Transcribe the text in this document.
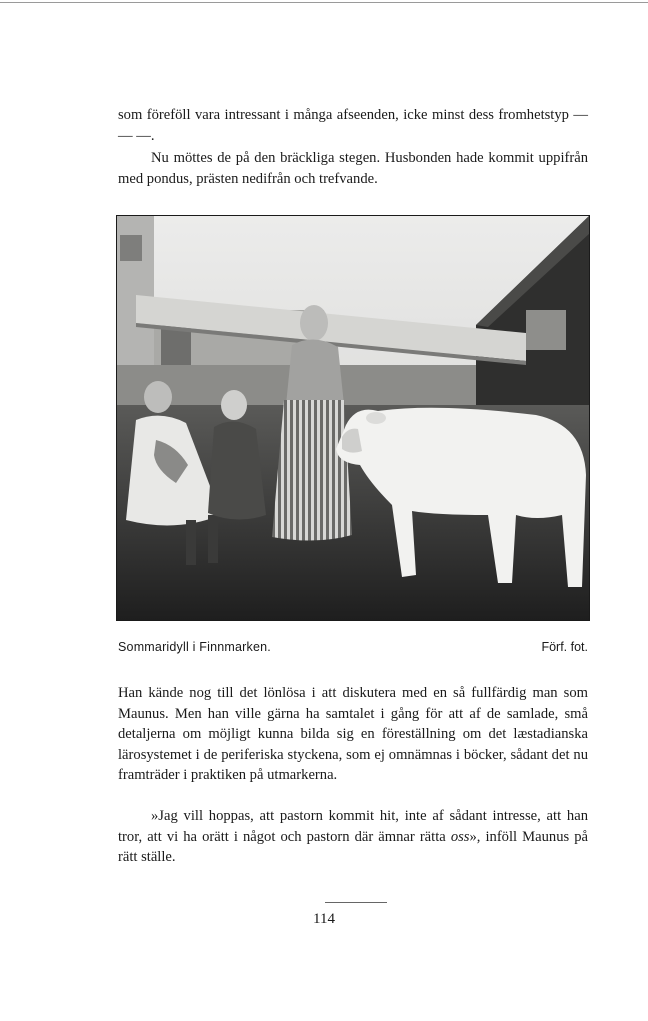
som föreföll vara intressant i många afseenden, icke minst dess fromhetstyp — — —.

Nu möttes de på den bräckliga stegen. Husbonden hade kommit uppifrån med pondus, prästen nedifrån och trefvande.

Sommaridyll i Finnmarken.	Förf. fot.

Han kände nog till det lönlösa i att diskutera med en så fullfärdig man som Maunus. Men han ville gärna ha samtalet i gång för att af de samlade, små detaljerna om möjligt kunna bilda sig en föreställning om det læstadianska lärosystemet i de periferiska styckena, som ej omnämnas i böcker, sådant det nu framträder i praktiken på utmarkerna.

»Jag vill hoppas, att pastorn kommit hit, inte af sådant intresse, att han tror, att vi ha orätt i något och pastorn där ämnar rätta oss», inföll Maunus på rätt ställe.

114
